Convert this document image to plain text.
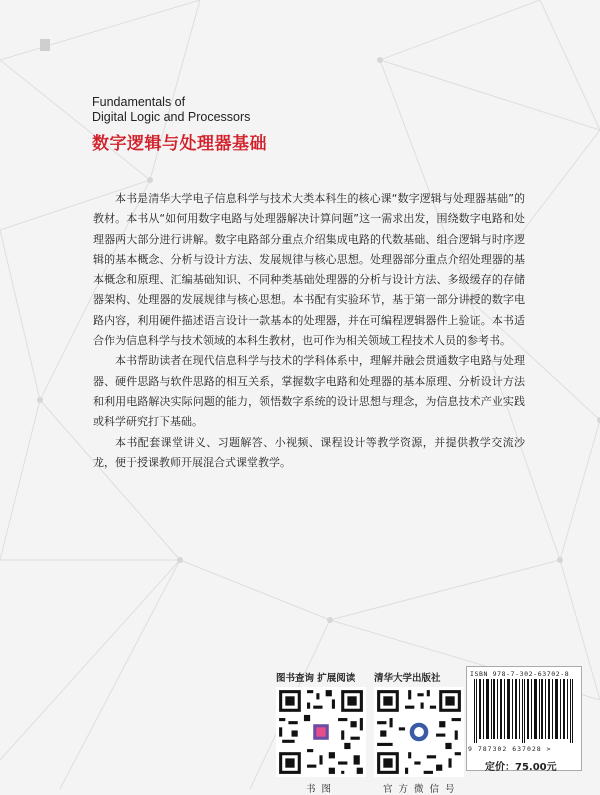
Fundamentals of
Digital Logic and Processors
数字逻辑与处理器基础

本书是清华大学电子信息科学与技术大类本科生的核心课“数字逻辑与处理器基础”的教材。本书从“如何用数字电路与处理器解决计算问题”这一需求出发，围绕数字电路和处理器两大部分进行讲解。数字电路部分重点介绍集成电路的代数基础、组合逻辑与时序逻辑的基本概念、分析与设计方法、发展规律与核心思想。处理器部分重点介绍处理器的基本概念和原理、汇编基础知识、不同种类基础处理器的分析与设计方法、多级缓存的存储器架构、处理器的发展规律与核心思想。本书配有实验环节，基于第一部分讲授的数字电路内容，利用硬件描述语言设计一款基本的处理器，并在可编程逻辑器件上验证。本书适合作为信息科学与技术领域的本科生教材，也可作为相关领域工程技术人员的参考书。

本书帮助读者在现代信息科学与技术的学科体系中，理解并融会贯通数字电路与处理器、硬件思路与软件思路的相互关系，掌握数字电路和处理器的基本原理、分析设计方法和利用电路解决实际问题的能力，领悟数字系统的设计思想与理念，为信息技术产业实践或科学研究打下基础。

本书配套课堂讲义、习题解答、小视频、课程设计等教学资源，并提供教学交流沙龙，便于授课教师开展混合式课堂教学。

图书查询 扩展阅读
书图
清华大学出版社
官方微信号
ISBN 978-7-302-63702-8
9 787302 637028 >
定价：75.00元
